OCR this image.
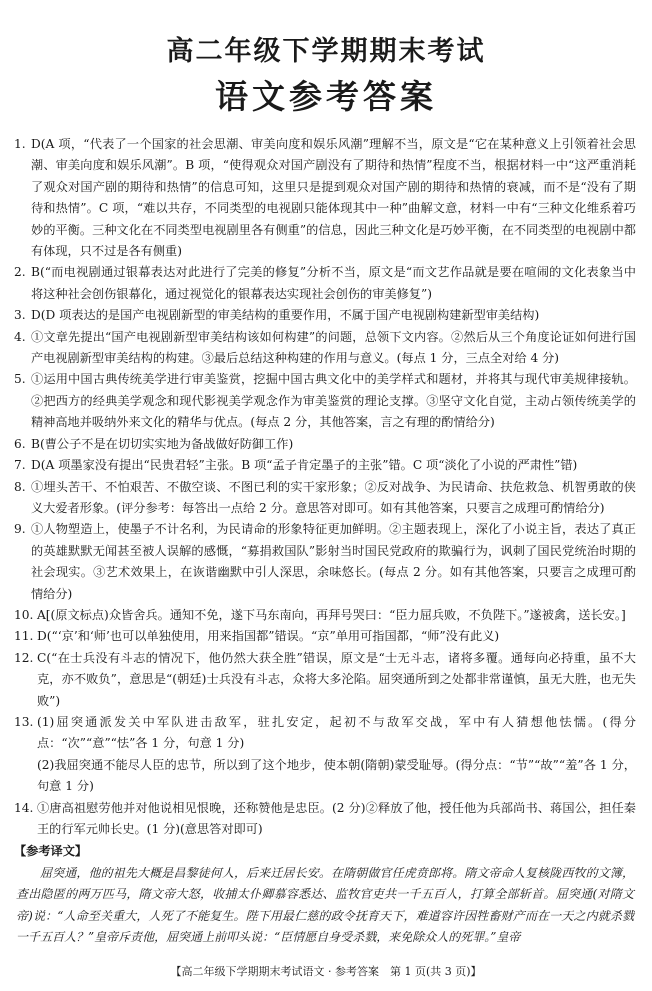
高二年级下学期期末考试
语文参考答案

1. D(A 项，“代表了一个国家的社会思潮、审美向度和娱乐风潮”理解不当，原文是“它在某种意义上引领着社会思潮、审美向度和娱乐风潮”。B 项，“使得观众对国产剧没有了期待和热情”程度不当，根据材料一中“这严重消耗了观众对国产剧的期待和热情”的信息可知，这里只是提到观众对国产剧的期待和热情的衰减，而不是“没有了期待和热情”。C 项，“难以共存，不同类型的电视剧只能体现其中一种”曲解文意，材料一中有“三种文化维系着巧妙的平衡。三种文化在不同类型电视剧里各有侧重”的信息，因此三种文化是巧妙平衡，在不同类型的电视剧中都有体现，只不过是各有侧重)

2. B(“而电视剧通过银幕表达对此进行了完美的修复”分析不当，原文是“而文艺作品就是要在喧闹的文化表象当中将这种社会创伤银幕化，通过视觉化的银幕表达实现社会创伤的审美修复”)

3. D(D 项表达的是国产电视剧新型的审美结构的重要作用，不属于国产电视剧构建新型审美结构)

4. ①文章先提出“国产电视剧新型审美结构该如何构建”的问题，总领下文内容。②然后从三个角度论证如何进行国产电视剧新型审美结构的构建。③最后总结这种构建的作用与意义。(每点 1 分，三点全对给 4 分)

5. ①运用中国古典传统美学进行审美鉴赏，挖掘中国古典文化中的美学样式和题材，并将其与现代审美规律接轨。②把西方的经典美学观念和现代影视美学观念作为审美鉴赏的理论支撑。③坚守文化自觉，主动占领传统美学的精神高地并吸纳外来文化的精华与优点。(每点 2 分，其他答案，言之有理的酌情给分)

6. B(曹公子不是在切切实实地为备战做好防御工作)

7. D(A 项墨家没有提出“民贵君轻”主张。B 项“孟子肯定墨子的主张”错。C 项“淡化了小说的严肃性”错)

8. ①埋头苦干、不怕艰苦、不傲空谈、不图已利的实干家形象；②反对战争、为民请命、扶危救急、机智勇敢的侠义大爱者形象。(评分参考：每答出一点给 2 分。意思答对即可。如有其他答案，只要言之成理可酌情给分)

9. ①人物塑造上，使墨子不计名利，为民请命的形象特征更加鲜明。②主题表现上，深化了小说主旨，表达了真正的英雄默默无闻甚至被人误解的感慨，“募捐救国队”影射当时国民党政府的欺骗行为，讽刺了国民党统治时期的社会现实。③艺术效果上，在诙谐幽默中引人深思，余味悠长。(每点 2 分。如有其他答案，只要言之成理可酌情给分)

10. A[(原文标点)众皆舍兵。通知不免，遂下马东南向，再拜号哭曰：“臣力屈兵败，不负陛下。”遂被禽，送长安。]

11. D(“‘京’和‘师’也可以单独使用，用来指国都”错误。“京”单用可指国都，“师”没有此义)

12. C(“在士兵没有斗志的情况下，他仍然大获全胜”错误，原文是“士无斗志，诸将多覆。通每向必持重，虽不大克，亦不败负”，意思是“(朝廷)士兵没有斗志，众将大多沦陷。屈突通所到之处都非常谨慎，虽无大胜，也无失败”)

13. (1)屈突通派发关中军队进击敌军，驻扎安定，起初不与敌军交战，军中有人猜想他怯懦。(得分点：“次”“意”“怯”各 1 分，句意 1 分)

(2)我屈突通不能尽人臣的忠节，所以到了这个地步，使本朝(隋朝)蒙受耻辱。(得分点：“节”“故”“羞”各 1 分，句意 1 分)

14. ①唐高祖慰劳他并对他说相见恨晚，还称赞他是忠臣。(2 分)②释放了他，授任他为兵部尚书、蒋国公，担任秦王的行军元帅长史。(1 分)(意思答对即可)

【参考译文】

屈突通，他的祖先大概是昌黎徒何人，后来迁居长安。在隋朝做官任虎贲郎将。隋文帝命人复核陇西牧的文簿，查出隐匿的两万匹马，隋文帝大怒，收捕太仆卿慕容悉达、监牧官吏共一千五百人，打算全部斩首。屈突通(对隋文帝)说：“人命至关重大，人死了不能复生。陛下用最仁慈的政令抚育天下，难道容许因牲畜财产而在一天之内就杀戮一千五百人？”皇帝斥责他，屈突通上前叩头说：“臣情愿自身受杀戮，来免除众人的死罪。”皇帝

【高二年级下学期期末考试语文 · 参考答案　第 1 页(共 3 页)】
